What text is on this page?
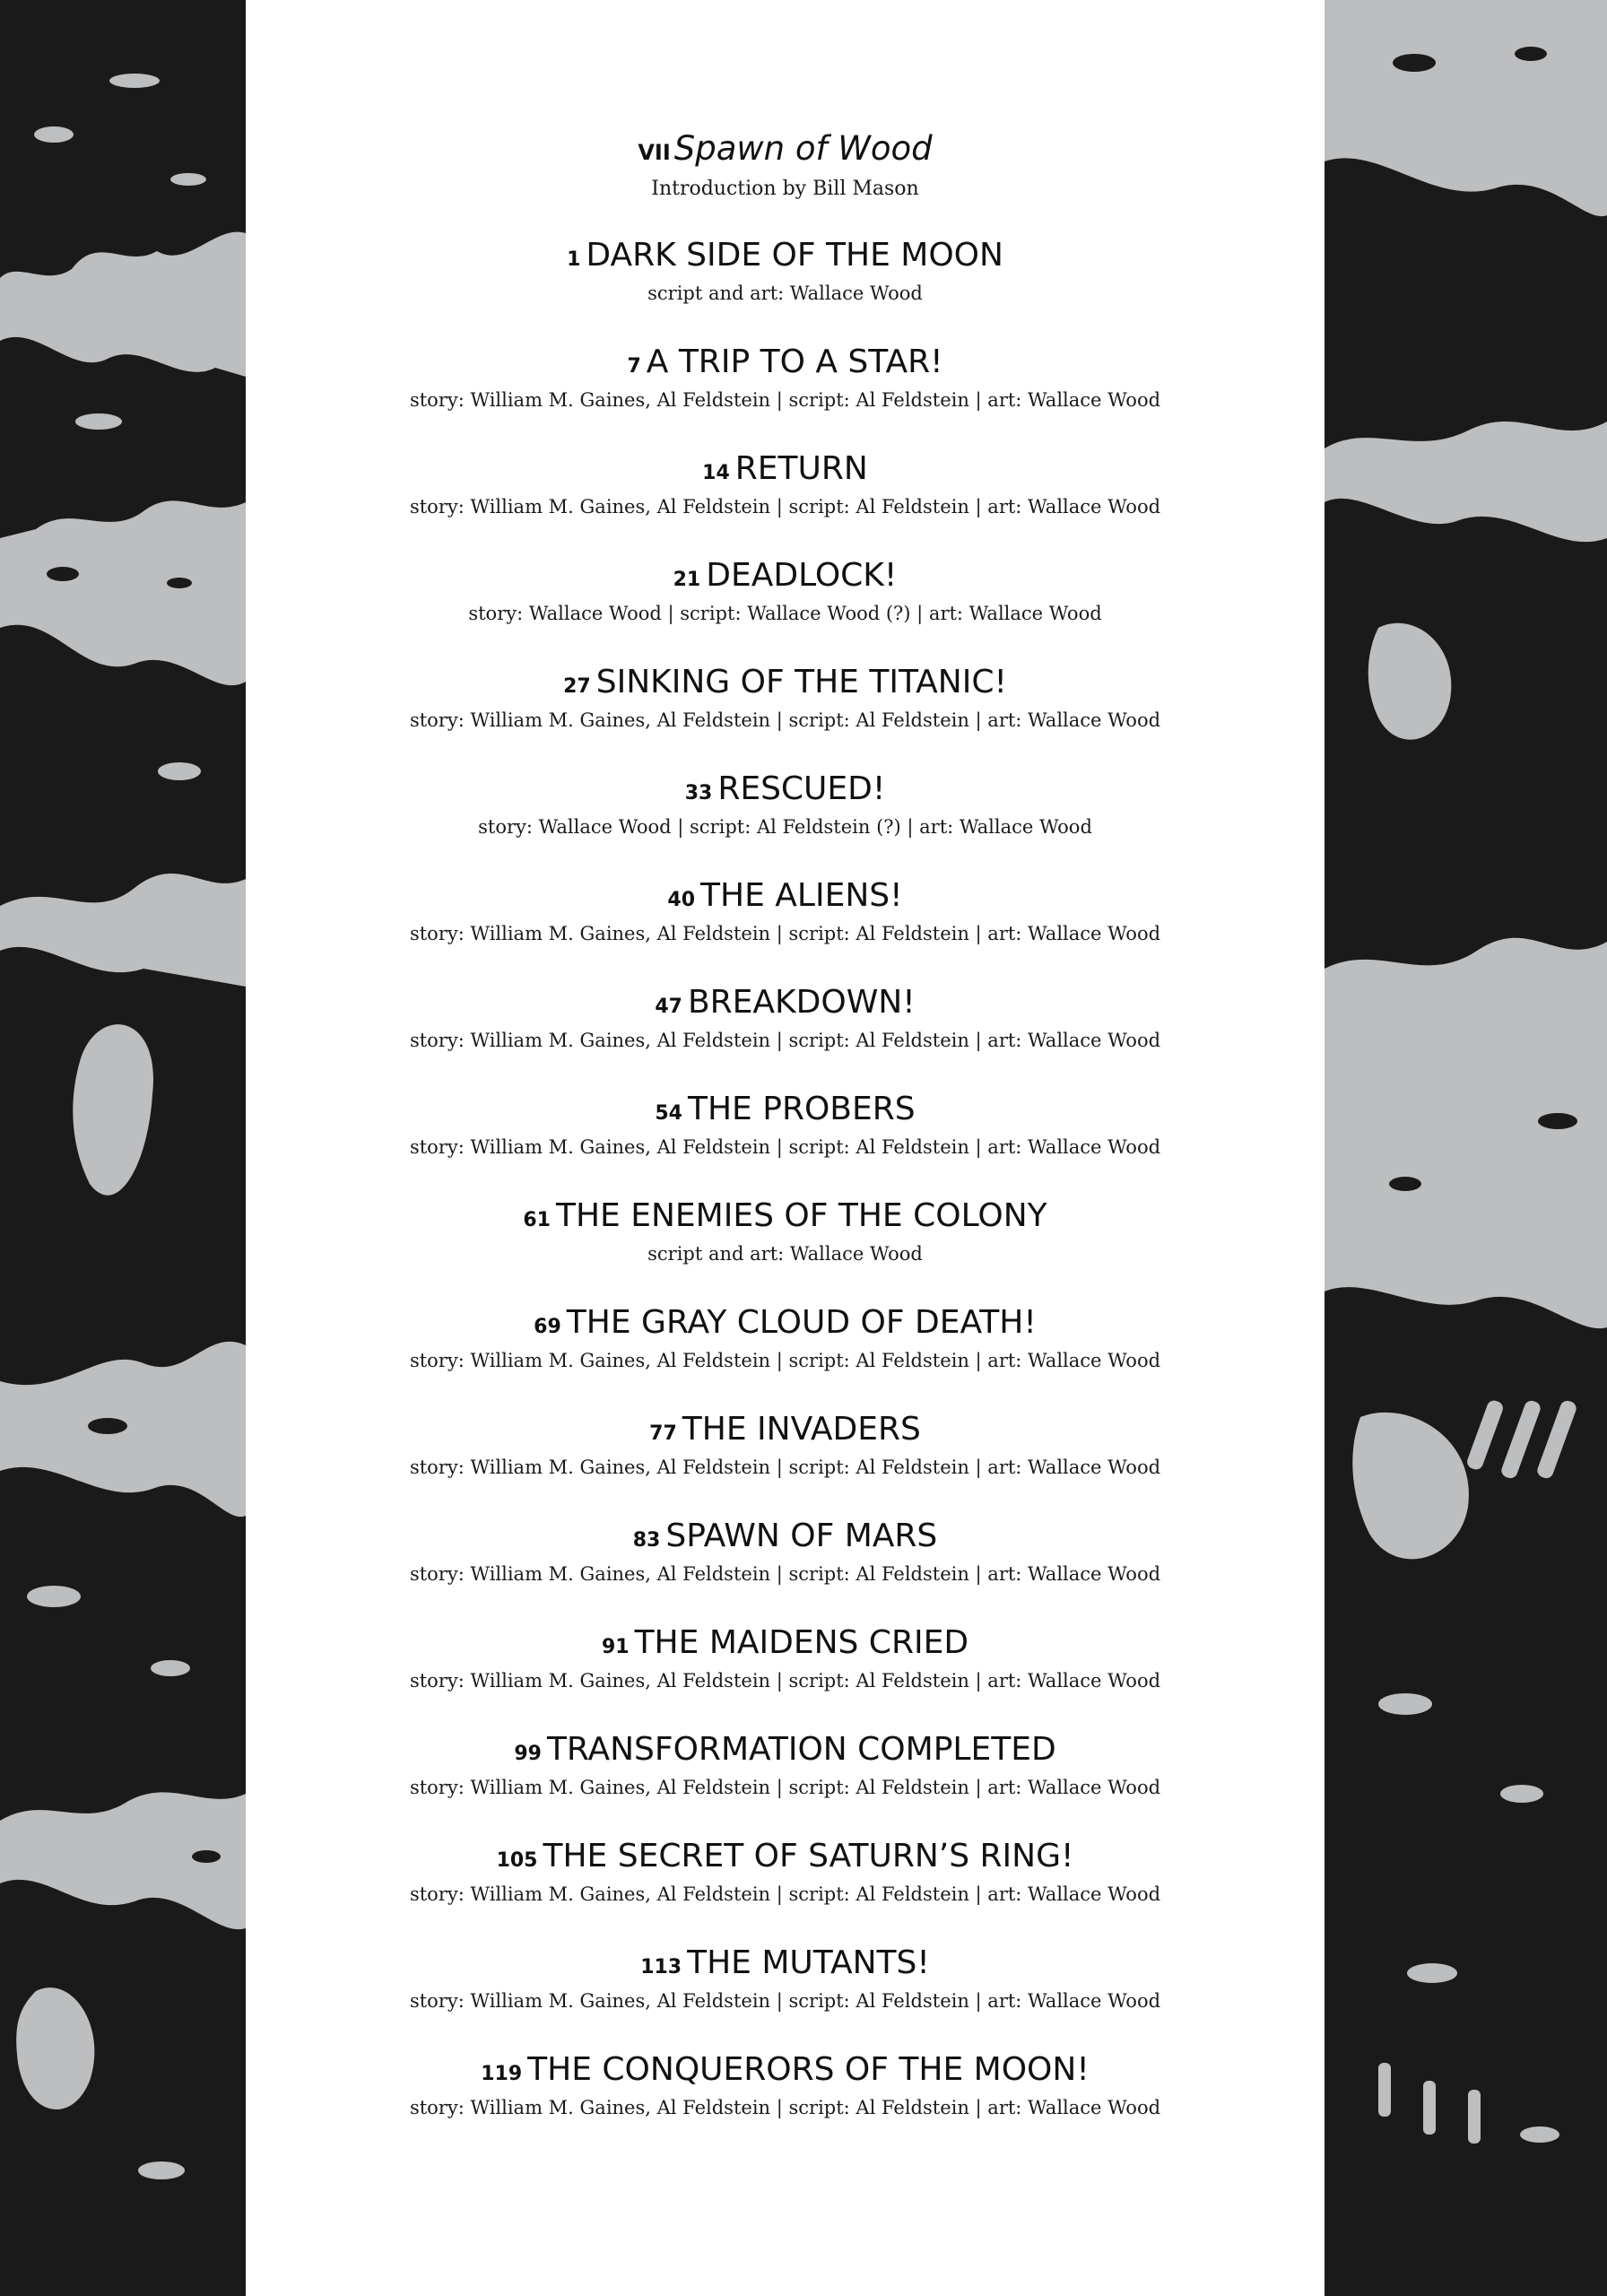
VII Spawn of Wood
Introduction by Bill Mason
1 DARK SIDE OF THE MOON
script and art: Wallace Wood
7 A TRIP TO A STAR!
story: William M. Gaines, Al Feldstein | script: Al Feldstein | art: Wallace Wood
14 RETURN
story: William M. Gaines, Al Feldstein | script: Al Feldstein | art: Wallace Wood
21 DEADLOCK!
story: Wallace Wood | script: Wallace Wood (?) | art: Wallace Wood
27 SINKING OF THE TITANIC!
story: William M. Gaines, Al Feldstein | script: Al Feldstein | art: Wallace Wood
33 RESCUED!
story: Wallace Wood | script: Al Feldstein (?) | art: Wallace Wood
40 THE ALIENS!
story: William M. Gaines, Al Feldstein | script: Al Feldstein | art: Wallace Wood
47 BREAKDOWN!
story: William M. Gaines, Al Feldstein | script: Al Feldstein | art: Wallace Wood
54 THE PROBERS
story: William M. Gaines, Al Feldstein | script: Al Feldstein | art: Wallace Wood
61 THE ENEMIES OF THE COLONY
script and art: Wallace Wood
69 THE GRAY CLOUD OF DEATH!
story: William M. Gaines, Al Feldstein | script: Al Feldstein | art: Wallace Wood
77 THE INVADERS
story: William M. Gaines, Al Feldstein | script: Al Feldstein | art: Wallace Wood
83 SPAWN OF MARS
story: William M. Gaines, Al Feldstein | script: Al Feldstein | art: Wallace Wood
91 THE MAIDENS CRIED
story: William M. Gaines, Al Feldstein | script: Al Feldstein | art: Wallace Wood
99 TRANSFORMATION COMPLETED
story: William M. Gaines, Al Feldstein | script: Al Feldstein | art: Wallace Wood
105 THE SECRET OF SATURN’S RING!
story: William M. Gaines, Al Feldstein | script: Al Feldstein | art: Wallace Wood
113 THE MUTANTS!
story: William M. Gaines, Al Feldstein | script: Al Feldstein | art: Wallace Wood
119 THE CONQUERORS OF THE MOON!
story: William M. Gaines, Al Feldstein | script: Al Feldstein | art: Wallace Wood
